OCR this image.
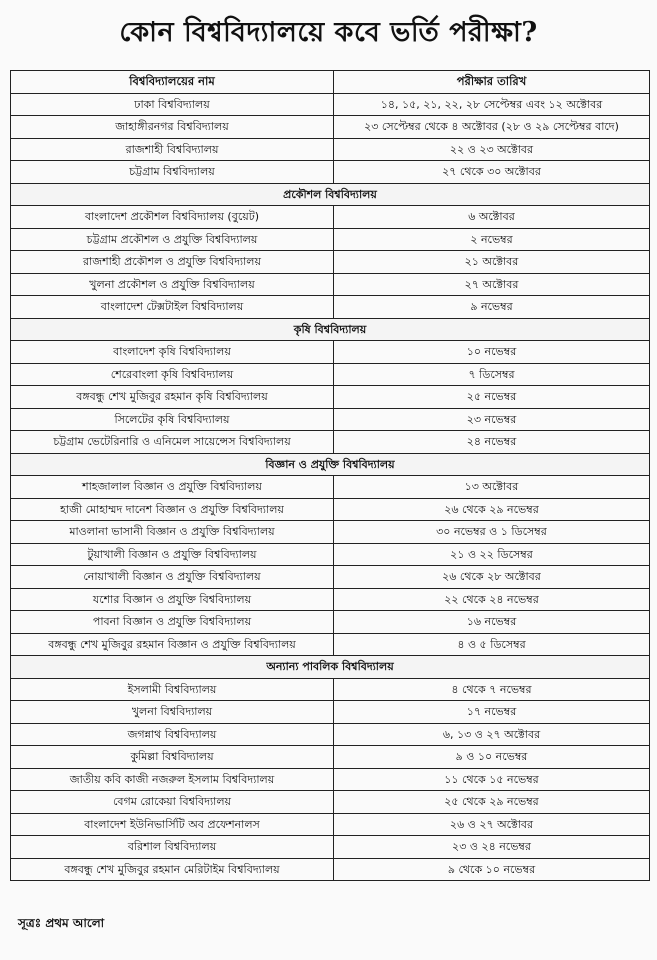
কোন বিশ্ববিদ্যালয়ে কবে ভর্তি পরীক্ষা?
বিশ্ববিদ্যালয়ের নাম	পরীক্ষার তারিখ
ঢাকা বিশ্ববিদ্যালয়	১৪, ১৫, ২১, ২২, ২৮ সেপ্টেম্বর এবং ১২ অক্টোবর
জাহাঙ্গীরনগর বিশ্ববিদ্যালয়	২৩ সেপ্টেম্বর থেকে ৪ অক্টোবর (২৮ ও ২৯ সেপ্টেম্বর বাদে)
রাজশাহী বিশ্ববিদ্যালয়	২২ ও ২৩ অক্টোবর
চট্টগ্রাম বিশ্ববিদ্যালয়	২৭ থেকে ৩০ অক্টোবর
প্রকৌশল বিশ্ববিদ্যালয়	
বাংলাদেশ প্রকৌশল বিশ্ববিদ্যালয় (বুয়েট)	৬ অক্টোবর
চট্টগ্রাম প্রকৌশল ও প্রযুক্তি বিশ্ববিদ্যালয়	২ নভেম্বর
রাজশাহী প্রকৌশল ও প্রযুক্তি বিশ্ববিদ্যালয়	২১ অক্টোবর
খুলনা প্রকৌশল ও প্রযুক্তি বিশ্ববিদ্যালয়	২৭ অক্টোবর
বাংলাদেশ টেক্সটাইল বিশ্ববিদ্যালয়	৯ নভেম্বর
কৃষি বিশ্ববিদ্যালয়	
বাংলাদেশ কৃষি বিশ্ববিদ্যালয়	১০ নভেম্বর
শেরেবাংলা কৃষি বিশ্ববিদ্যালয়	৭ ডিসেম্বর
বঙ্গবন্ধু শেখ মুজিবুর রহমান কৃষি বিশ্ববিদ্যালয়	২৫ নভেম্বর
সিলেটের কৃষি বিশ্ববিদ্যালয়	২৩ নভেম্বর
চট্টগ্রাম ভেটেরিনারি ও এনিমেল সায়েন্সেস বিশ্ববিদ্যালয়	২৪ নভেম্বর
বিজ্ঞান ও প্রযুক্তি বিশ্ববিদ্যালয়	
শাহজালাল বিজ্ঞান ও প্রযুক্তি বিশ্ববিদ্যালয়	১৩ অক্টোবর
হাজী মোহাম্মদ দানেশ বিজ্ঞান ও প্রযুক্তি বিশ্ববিদ্যালয়	২৬ থেকে ২৯ নভেম্বর
মাওলানা ভাসানী বিজ্ঞান ও প্রযুক্তি বিশ্ববিদ্যালয়	৩০ নভেম্বর ও ১ ডিসেম্বর
টুয়াখালী বিজ্ঞান ও প্রযুক্তি বিশ্ববিদ্যালয়	২১ ও ২২ ডিসেম্বর
নোয়াখালী বিজ্ঞান ও প্রযুক্তি বিশ্ববিদ্যালয়	২৬ থেকে ২৮ অক্টোবর
যশোর বিজ্ঞান ও প্রযুক্তি বিশ্ববিদ্যালয়	২২ থেকে ২৪ নভেম্বর
পাবনা বিজ্ঞান ও প্রযুক্তি বিশ্ববিদ্যালয়	১৬ নভেম্বর
বঙ্গবন্ধু শেখ মুজিবুর রহমান বিজ্ঞান ও প্রযুক্তি বিশ্ববিদ্যালয়	৪ ও ৫ ডিসেম্বর
অন্যান্য পাবলিক বিশ্ববিদ্যালয়	
ইসলামী বিশ্ববিদ্যালয়	৪ থেকে ৭ নভেম্বর
খুলনা বিশ্ববিদ্যালয়	১৭ নভেম্বর
জগন্নাথ বিশ্ববিদ্যালয়	৬, ১৩ ও ২৭ অক্টোবর
কুমিল্লা বিশ্ববিদ্যালয়	৯ ও ১০ নভেম্বর
জাতীয় কবি কাজী নজরুল ইসলাম বিশ্ববিদ্যালয়	১১ থেকে ১৫ নভেম্বর
বেগম রোকেয়া বিশ্ববিদ্যালয়	২৫ থেকে ২৯ নভেম্বর
বাংলাদেশ ইউনিভার্সিটি অব প্রফেশনালস	২৬ ও ২৭ অক্টোবর
বরিশাল বিশ্ববিদ্যালয়	২৩ ও ২৪ নভেম্বর
বঙ্গবন্ধু শেখ মুজিবুর রহমান মেরিটাইম বিশ্ববিদ্যালয়	৯ থেকে ১০ নভেম্বর
সূত্রঃ প্রথম আলো
